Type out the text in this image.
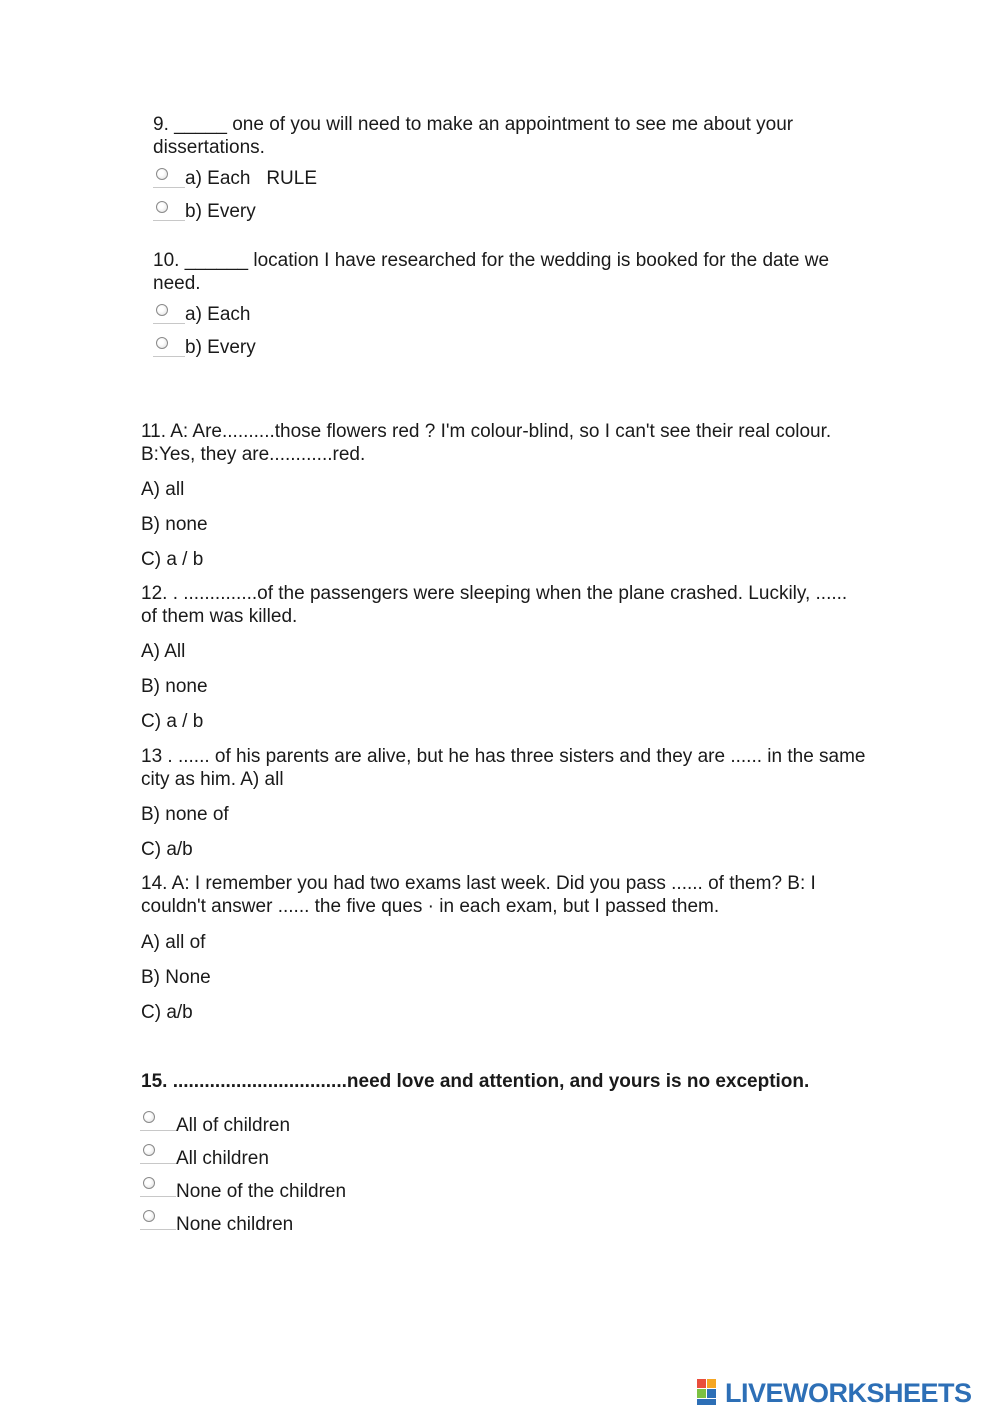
9. _____ one of you will need to make an appointment to see me about your dissertations.

a) Each   RULE
b) Every

10. ______ location I have researched for the wedding is booked for the date we need.

a) Each
b) Every

11. A: Are..........those flowers red ? I'm colour-blind, so I can't see their real colour. B:Yes, they are............red.

A) all
B) none
C) a / b

12. . ..............of the passengers were sleeping when the plane crashed. Luckily, ...... of them was killed.

A) All
B) none
C) a / b

13 . ...... of his parents are alive, but he has three sisters and they are ...... in the same city as him. A) all

B) none of
C) a/b

14. A: I remember you had two exams last week. Did you pass ...... of them? B: I couldn't answer ...... the five ques · in each exam, but I passed them.

A) all of
B) None
C) a/b

15. .................................need love and attention, and yours is no exception.

All of children
All children
None of the children
None children
LIVEWORKSHEETS
